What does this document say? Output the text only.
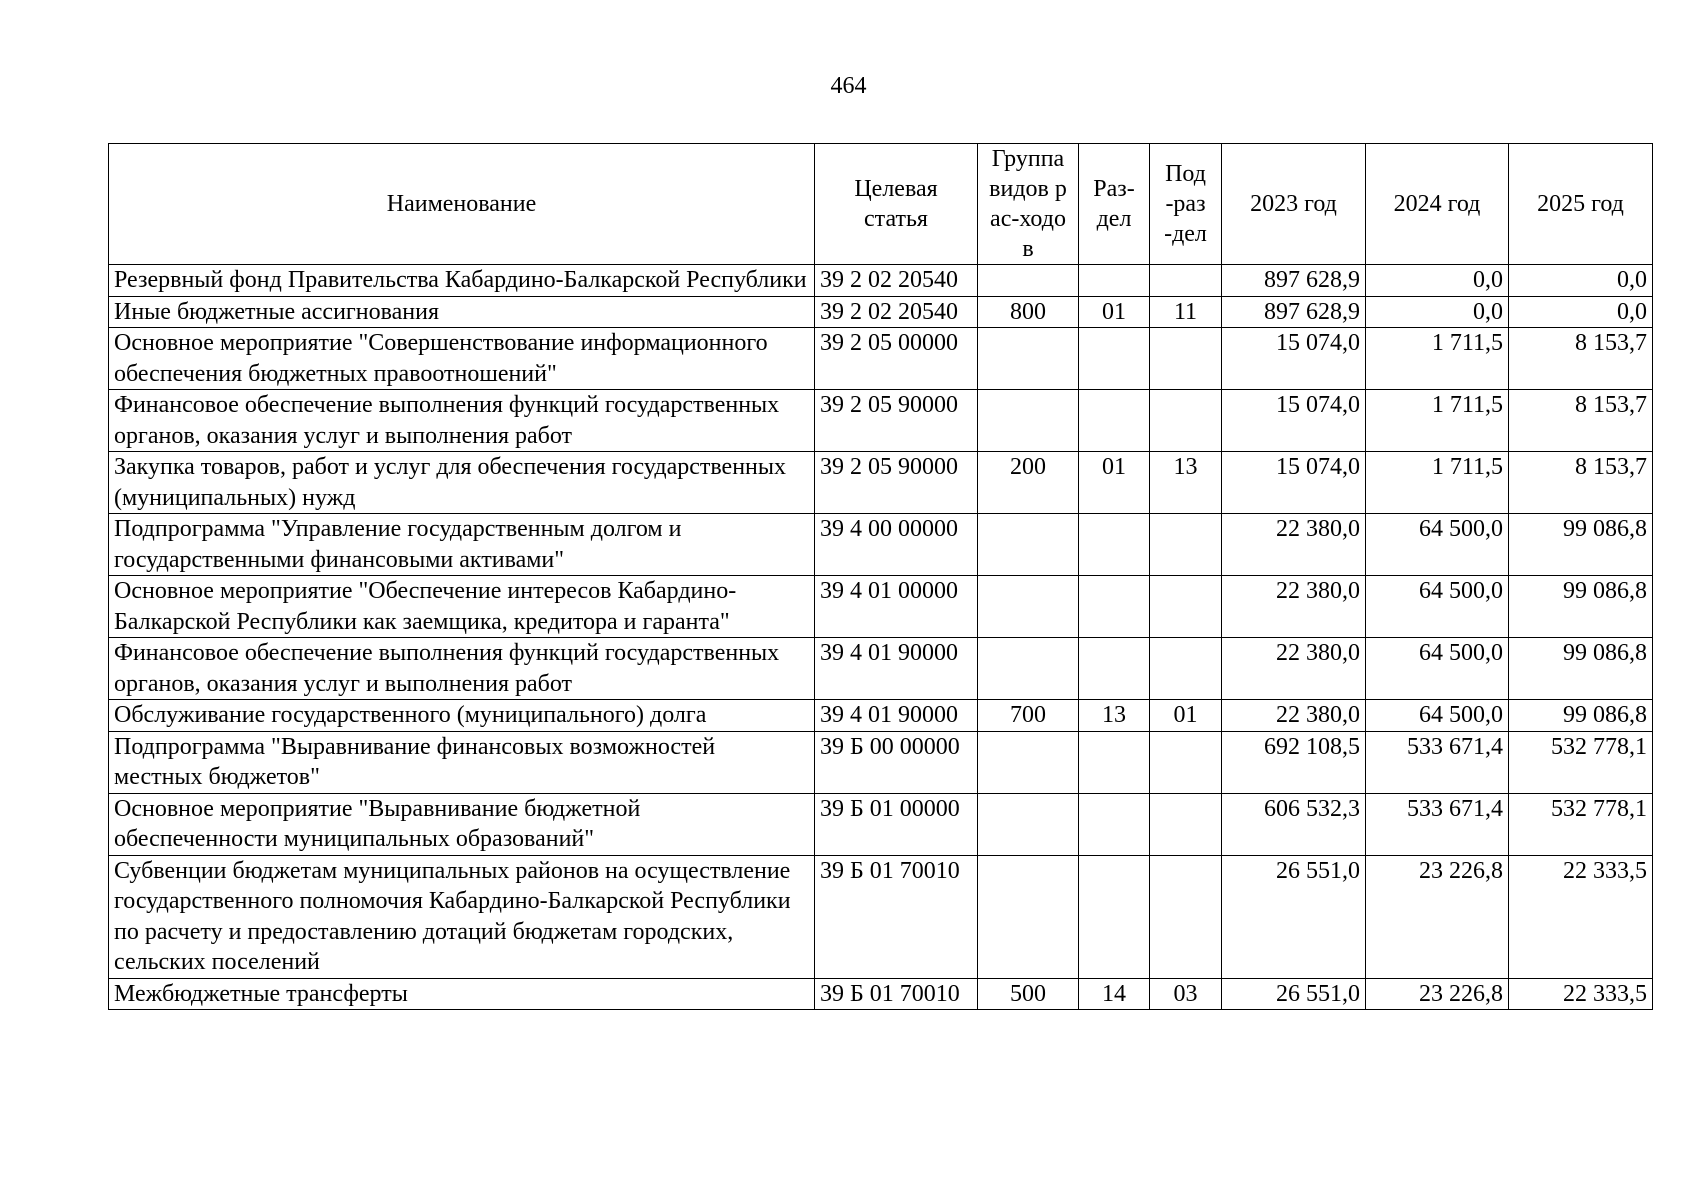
464
Наименование	Целевая статья	Группа видов рас-ходов	Раз-дел	Под-раз-дел	2023 год	2024 год	2025 год
Резервный фонд Правительства Кабардино-Балкарской Республики	39 2 02 20540				897 628,9	0,0	0,0
Иные бюджетные ассигнования	39 2 02 20540	800	01	11	897 628,9	0,0	0,0
Основное мероприятие "Совершенствование информационного обеспечения бюджетных правоотношений"	39 2 05 00000				15 074,0	1 711,5	8 153,7
Финансовое обеспечение выполнения функций государственных органов, оказания услуг и выполнения работ	39 2 05 90000				15 074,0	1 711,5	8 153,7
Закупка товаров, работ и услуг для обеспечения государственных (муниципальных) нужд	39 2 05 90000	200	01	13	15 074,0	1 711,5	8 153,7
Подпрограмма "Управление государственным долгом и государственными финансовыми активами"	39 4 00 00000				22 380,0	64 500,0	99 086,8
Основное мероприятие "Обеспечение интересов Кабардино-Балкарской Республики как заемщика, кредитора и гаранта"	39 4 01 00000				22 380,0	64 500,0	99 086,8
Финансовое обеспечение выполнения функций государственных органов, оказания услуг и выполнения работ	39 4 01 90000				22 380,0	64 500,0	99 086,8
Обслуживание государственного (муниципального) долга	39 4 01 90000	700	13	01	22 380,0	64 500,0	99 086,8
Подпрограмма "Выравнивание финансовых возможностей местных бюджетов"	39 Б 00 00000				692 108,5	533 671,4	532 778,1
Основное мероприятие "Выравнивание бюджетной обеспеченности муниципальных образований"	39 Б 01 00000				606 532,3	533 671,4	532 778,1
Субвенции бюджетам муниципальных районов на осуществление государственного полномочия Кабардино-Балкарской Республики по расчету и предоставлению дотаций бюджетам городских, сельских поселений	39 Б 01 70010				26 551,0	23 226,8	22 333,5
Межбюджетные трансферты	39 Б 01 70010	500	14	03	26 551,0	23 226,8	22 333,5
